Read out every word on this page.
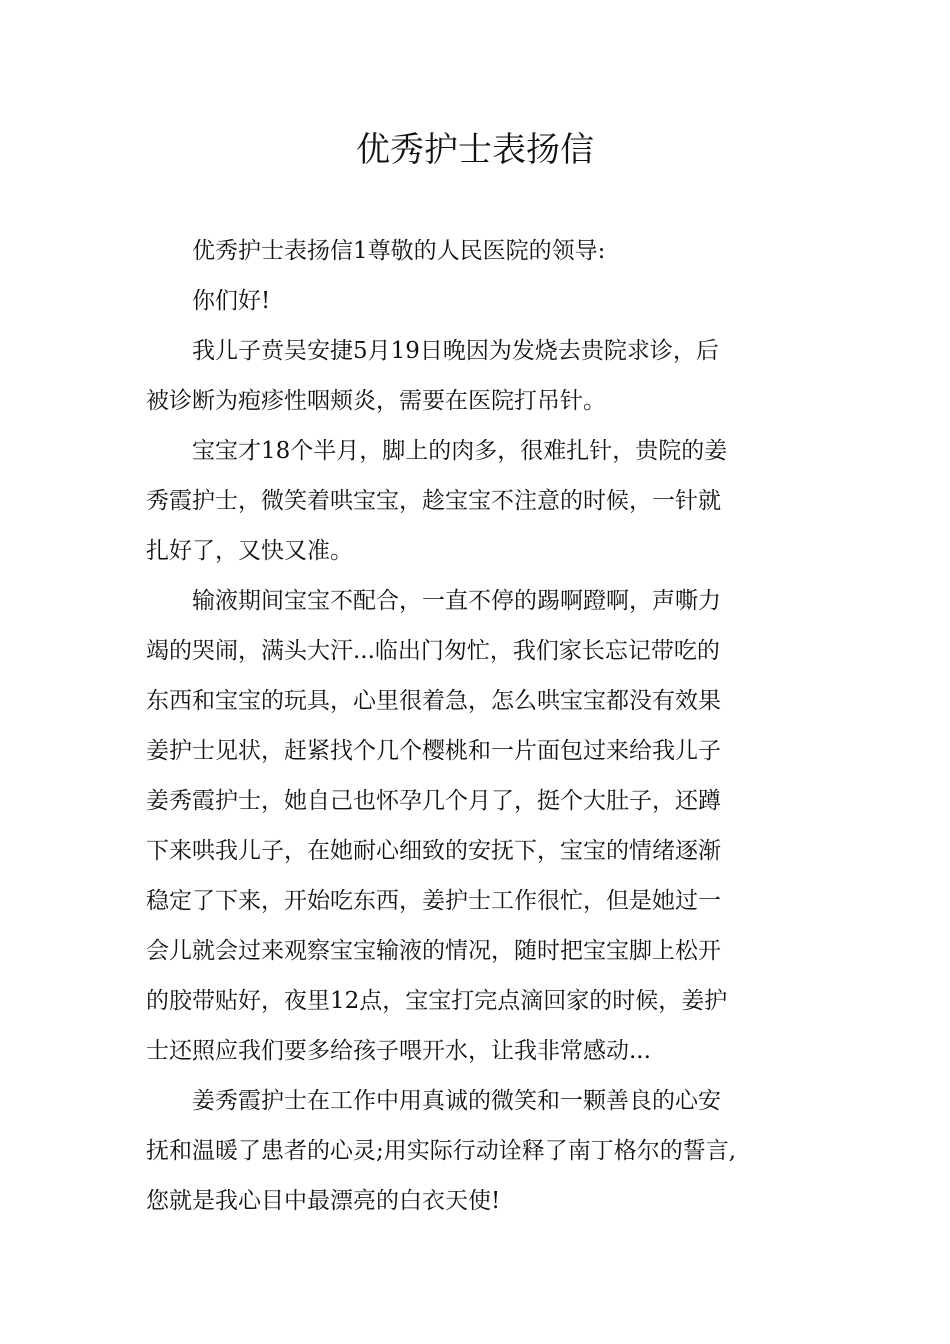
优秀护士表扬信

优秀护士表扬信1尊敬的人民医院的领导:

你们好!

我儿子贲吴安捷5月19日晚因为发烧去贵院求诊，后
被诊断为疱疹性咽颊炎，需要在医院打吊针。

宝宝才18个半月，脚上的肉多，很难扎针，贵院的姜
秀霞护士，微笑着哄宝宝，趁宝宝不注意的时候，一针就
扎好了，又快又准。

输液期间宝宝不配合，一直不停的踢啊蹬啊，声嘶力
竭的哭闹，满头大汗...临出门匆忙，我们家长忘记带吃的
东西和宝宝的玩具，心里很着急，怎么哄宝宝都没有效果
姜护士见状，赶紧找个几个樱桃和一片面包过来给我儿子
姜秀霞护士，她自己也怀孕几个月了，挺个大肚子，还蹲
下来哄我儿子，在她耐心细致的安抚下，宝宝的情绪逐渐
稳定了下来，开始吃东西，姜护士工作很忙，但是她过一
会儿就会过来观察宝宝输液的情况，随时把宝宝脚上松开
的胶带贴好，夜里12点，宝宝打完点滴回家的时候，姜护
士还照应我们要多给孩子喂开水，让我非常感动...

姜秀霞护士在工作中用真诚的微笑和一颗善良的心安
抚和温暖了患者的心灵;用实际行动诠释了南丁格尔的誓言,
您就是我心目中最漂亮的白衣天使!
